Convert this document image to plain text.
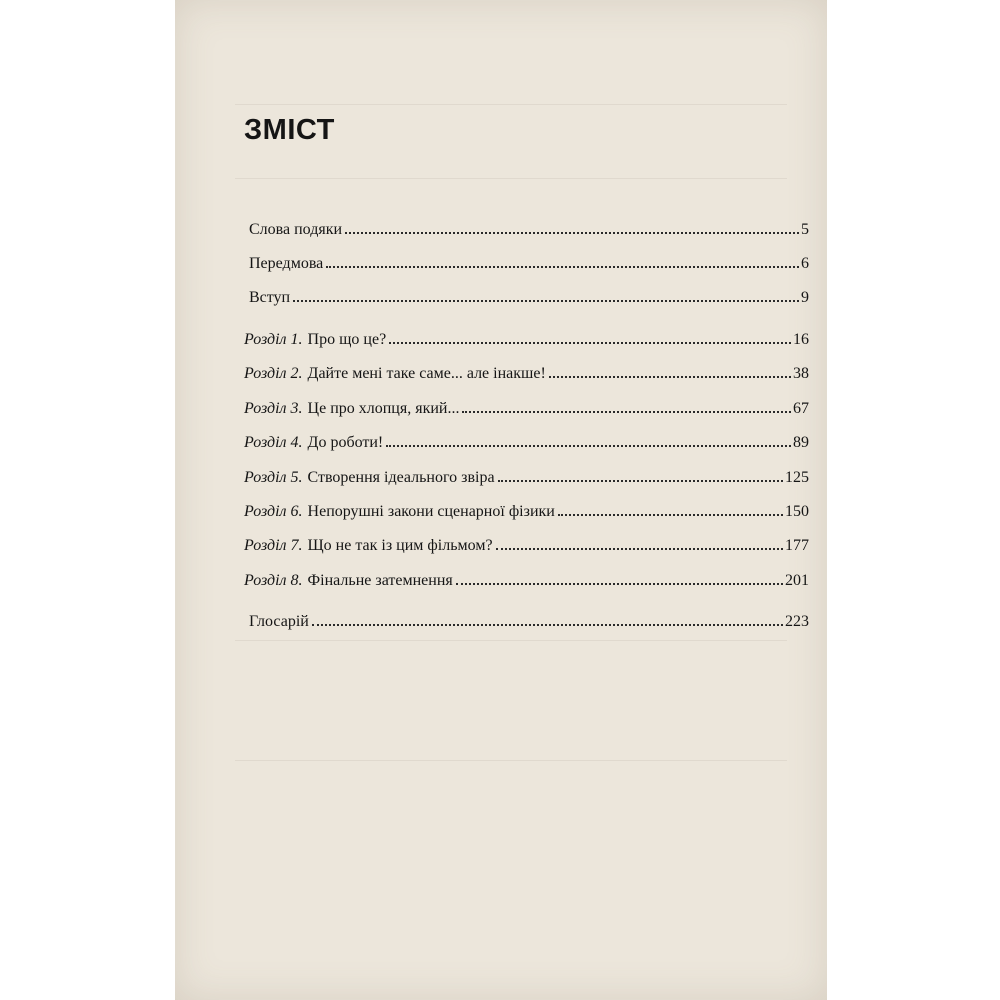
ЗМІСТ
Слова подяки	5
Передмова	6
Вступ	9
Розділ 1. Про що це?	16
Розділ 2. Дайте мені таке саме... але інакше!	38
Розділ 3. Це про хлопця, який...	67
Розділ 4. До роботи!	89
Розділ 5. Створення ідеального звіра	125
Розділ 6. Непорушні закони сценарної фізики	150
Розділ 7. Що не так із цим фільмом?	177
Розділ 8. Фінальне затемнення	201
Глосарій	223
